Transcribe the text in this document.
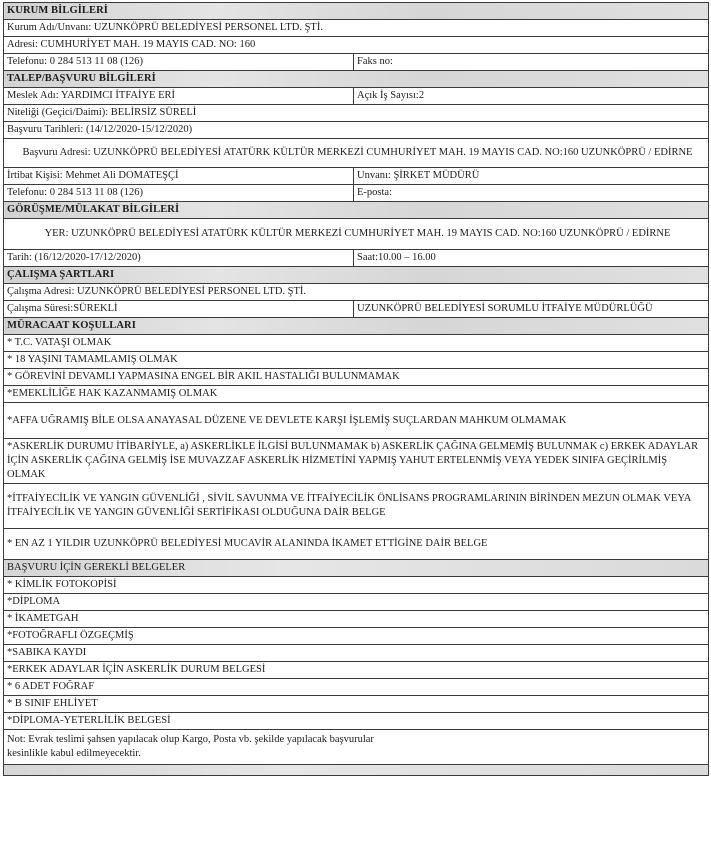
KURUM BİLGİLERİ	
Kurum Adı/Unvanı: UZUNKÖPRÜ BELEDİYESİ PERSONEL LTD. ŞTİ.	
Adresi: CUMHURİYET MAH. 19 MAYIS CAD. NO: 160	
Telefonu: 0 284 513 11 08 (126)	Faks no:
TALEP/BAŞVURU BİLGİLERİ	
Meslek Adı: YARDIMCI İTFAİYE ERİ	Açık İş Sayısı:2
Niteliği (Geçici/Daimi): BELİRSİZ SÜRELİ	
Başvuru Tarihleri: (14/12/2020-15/12/2020)	
Başvuru Adresi: UZUNKÖPRÜ BELEDİYESİ ATATÜRK KÜLTÜR MERKEZİ CUMHURİYET MAH. 19 MAYIS CAD. NO:160 UZUNKÖPRÜ / EDİRNE	
İrtibat Kişisi: Mehmet Ali DOMATEŞÇİ	Unvanı: ŞİRKET MÜDÜRÜ
Telefonu: 0 284 513 11 08 (126)	E-posta:
GÖRÜŞME/MÜLAKAT BİLGİLERİ	
YER: UZUNKÖPRÜ BELEDİYESİ ATATÜRK KÜLTÜR MERKEZİ CUMHURİYET MAH. 19 MAYIS CAD. NO:160 UZUNKÖPRÜ / EDİRNE	
Tarih: (16/12/2020-17/12/2020)	Saat:10.00 – 16.00
ÇALIŞMA ŞARTLARI	
Çalışma Adresi: UZUNKÖPRÜ BELEDİYESİ PERSONEL LTD. ŞTİ.	
Çalışma Süresi:SÜREKLİ	UZUNKÖPRÜ BELEDİYESİ SORUMLU İTFAİYE MÜDÜRLÜĞÜ
MÜRACAAT KOŞULLARI	
* T.C. VATAŞI OLMAK	
* 18 YAŞINI TAMAMLAMIŞ OLMAK	
* GÖREVİNİ DEVAMLI YAPMASINA ENGEL BİR AKIL HASTALIĞI BULUNMAMAK	
*EMEKLİLİĞE HAK KAZANMAMIŞ OLMAK	
*AFFA UĞRAMIŞ BİLE OLSA ANAYASAL DÜZENE VE DEVLETE KARŞI İŞLEMİŞ SUÇLARDAN MAHKUM OLMAMAK	
*ASKERLİK DURUMU İTİBARİYLE, a) ASKERLİKLE İLGİSİ BULUNMAMAK b) ASKERLİK ÇAĞINA GELMEMİŞ BULUNMAK c) ERKEK ADAYLAR İÇİN ASKERLİK ÇAĞINA GELMİŞ İSE MUVAZZAF ASKERLİK HİZMETİNİ YAPMIŞ YAHUT ERTELENMİŞ VEYA YEDEK SINIFA GEÇİRİLMİŞ OLMAK	
*İTFAİYECİLİK VE YANGIN GÜVENLİĞİ , SİVİL SAVUNMA VE İTFAİYECİLİK ÖNLİSANS PROGRAMLARININ BİRİNDEN MEZUN OLMAK VEYA İTFAİYECİLİK VE YANGIN GÜVENLİĞİ SERTİFİKASI OLDUĞUNA DAİR BELGE	
* EN AZ 1 YILDIR UZUNKÖPRÜ BELEDİYESİ MUCAVİR ALANINDA İKAMET ETTİGİNE DAİR BELGE	
BAŞVURU İÇİN GEREKLİ BELGELER	
* KİMLİK FOTOKOPİSİ	
*DİPLOMA	
* İKAMETGAH	
*FOTOĞRAFLI ÖZGEÇMİŞ	
*SABIKA KAYDI	
*ERKEK ADAYLAR İÇİN ASKERLİK DURUM BELGESİ	
* 6 ADET FOĞRAF	
* B SINIF EHLİYET	
*DİPLOMA-YETERLİLİK BELGESİ	
Not: Evrak teslimi şahsen yapılacak olup Kargo, Posta vb. şekilde yapılacak başvurular kesinlikle kabul edilmeyecektir.	
